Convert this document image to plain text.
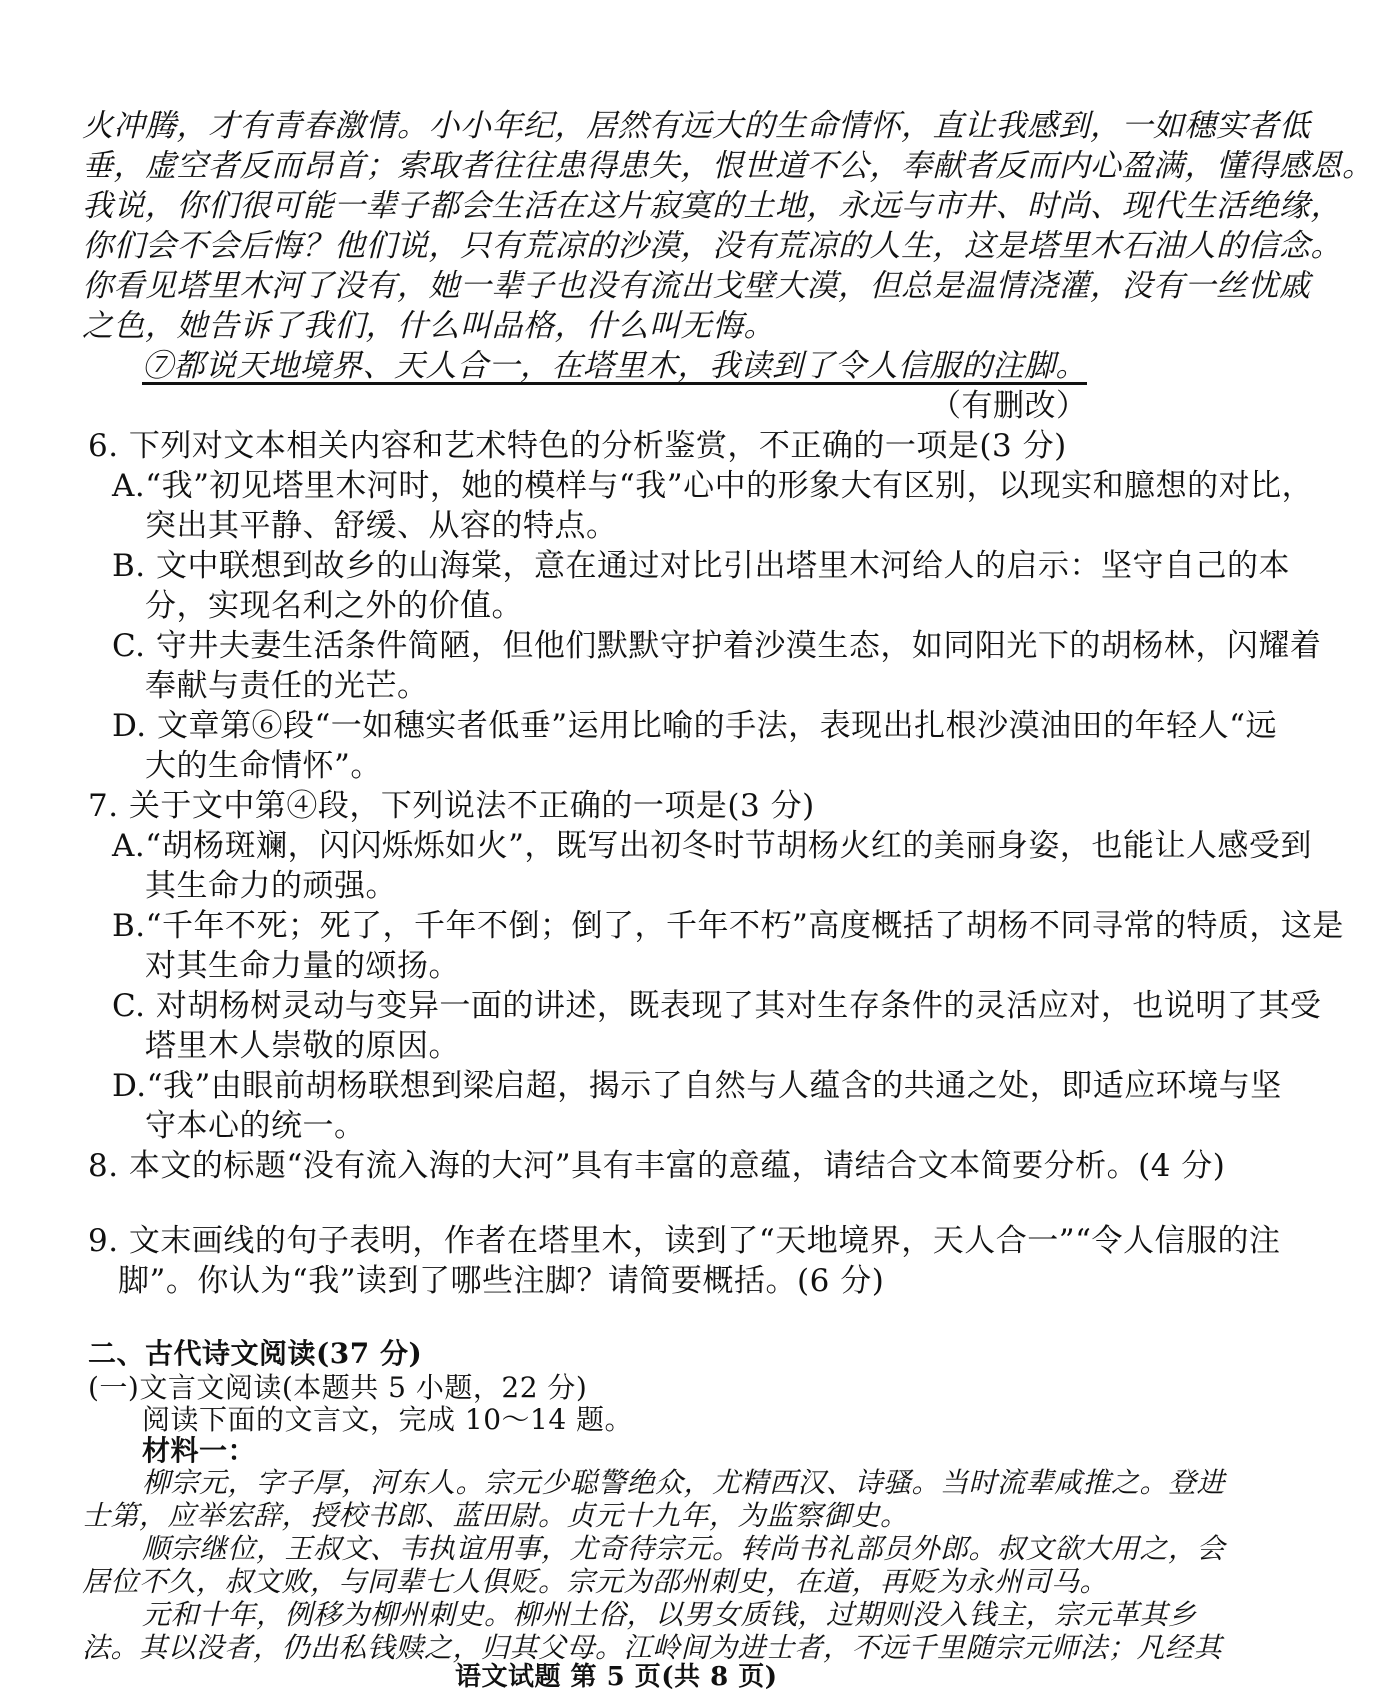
火冲腾，才有青春激情。小小年纪，居然有远大的生命情怀，直让我感到，一如穗实者低
垂，虚空者反而昂首；索取者往往患得患失，恨世道不公，奉献者反而内心盈满，懂得感恩。
我说，你们很可能一辈子都会生活在这片寂寞的土地，永远与市井、时尚、现代生活绝缘，
你们会不会后悔？他们说，只有荒凉的沙漠，没有荒凉的人生，这是塔里木石油人的信念。
你看见塔里木河了没有，她一辈子也没有流出戈壁大漠，但总是温情浇灌，没有一丝忧戚
之色，她告诉了我们，什么叫品格，什么叫无悔。
⑦都说天地境界、天人合一，在塔里木，我读到了令人信服的注脚。
（有删改）
6. 下列对文本相关内容和艺术特色的分析鉴赏，不正确的一项是(3 分)
A.“我”初见塔里木河时，她的模样与“我”心中的形象大有区别，以现实和臆想的对比，
突出其平静、舒缓、从容的特点。
B. 文中联想到故乡的山海棠，意在通过对比引出塔里木河给人的启示：坚守自己的本
分，实现名利之外的价值。
C. 守井夫妻生活条件简陋，但他们默默守护着沙漠生态，如同阳光下的胡杨林，闪耀着
奉献与责任的光芒。
D. 文章第⑥段“一如穗实者低垂”运用比喻的手法，表现出扎根沙漠油田的年轻人“远
大的生命情怀”。
7. 关于文中第④段，下列说法不正确的一项是(3 分)
A.“胡杨斑斓，闪闪烁烁如火”，既写出初冬时节胡杨火红的美丽身姿，也能让人感受到
其生命力的顽强。
B.“千年不死；死了，千年不倒；倒了，千年不朽”高度概括了胡杨不同寻常的特质，这是
对其生命力量的颂扬。
C. 对胡杨树灵动与变异一面的讲述，既表现了其对生存条件的灵活应对，也说明了其受
塔里木人崇敬的原因。
D.“我”由眼前胡杨联想到梁启超，揭示了自然与人蕴含的共通之处，即适应环境与坚
守本心的统一。
8. 本文的标题“没有流入海的大河”具有丰富的意蕴，请结合文本简要分析。(4 分)
9. 文末画线的句子表明，作者在塔里木，读到了“天地境界，天人合一”“令人信服的注
脚”。你认为“我”读到了哪些注脚？请简要概括。(6 分)
二、古代诗文阅读(37 分)
(一)文言文阅读(本题共 5 小题，22 分)
阅读下面的文言文，完成 10～14 题。
材料一：
语文试题 第 5 页(共 8 页)
柳宗元，字子厚，河东人。宗元少聪警绝众，尤精西汉、诗骚。当时流辈咸推之。登进
士第，应举宏辞，授校书郎、蓝田尉。贞元十九年，为监察御史。
顺宗继位，王叔文、韦执谊用事，尤奇待宗元。转尚书礼部员外郎。叔文欲大用之，会
居位不久，叔文败，与同辈七人俱贬。宗元为邵州刺史，在道，再贬为永州司马。
元和十年，例移为柳州刺史。柳州土俗，以男女质钱，过期则没入钱主，宗元革其乡
法。其以没者，仍出私钱赎之，归其父母。江岭间为进士者，不远千里随宗元师法；凡经其
